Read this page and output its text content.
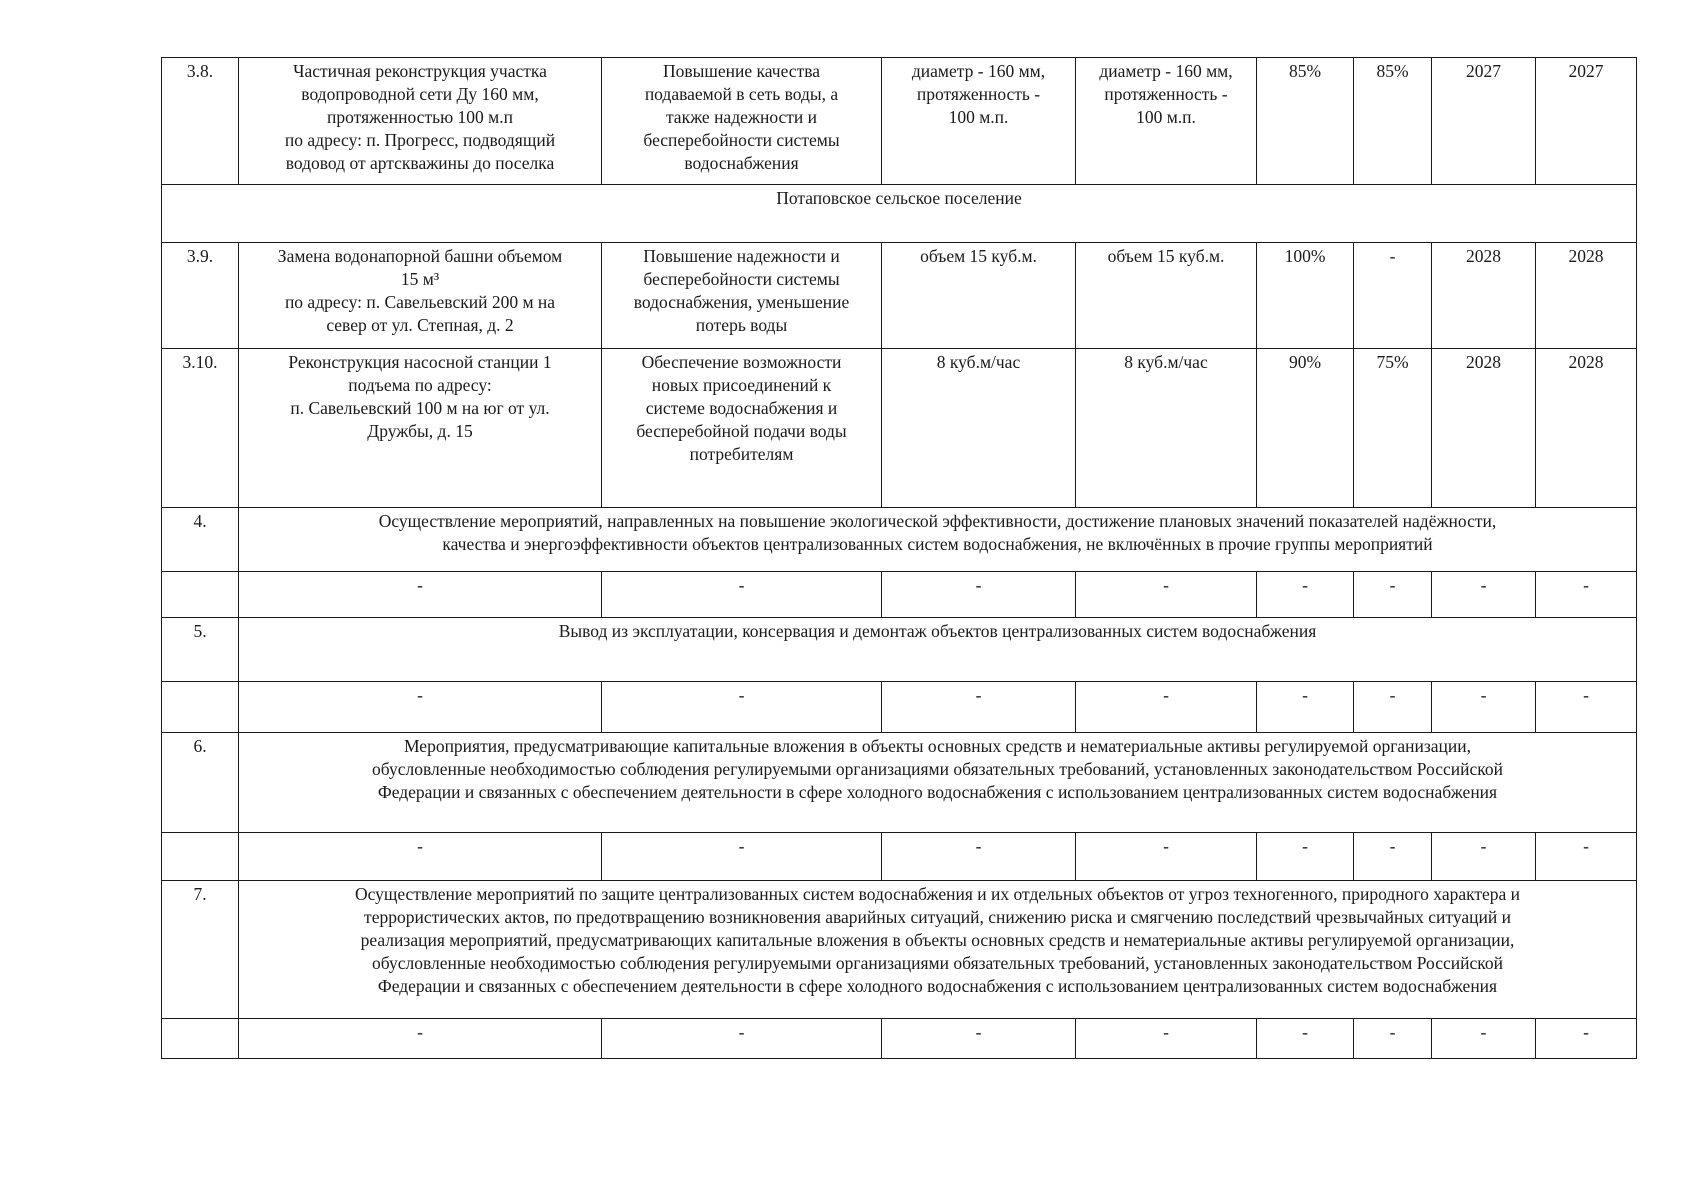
3.8.	Частичная реконструкция участка
водопроводной сети Ду 160 мм,
протяженностью 100 м.п
по адресу: п. Прогресс, подводящий
водовод от артскважины до поселка	Повышение качества
подаваемой в сеть воды, а
также надежности и
бесперебойности системы
водоснабжения	диаметр - 160 мм,
протяженность -
100 м.п.	диаметр - 160 мм,
протяженность -
100 м.п.	85%	85%	2027	2027
Потаповское сельское поселение								
3.9.	Замена водонапорной башни объемом
15 м³
по адресу: п. Савельевский 200 м на
север от ул. Степная, д. 2	Повышение надежности и
бесперебойности системы
водоснабжения, уменьшение
потерь воды	объем 15 куб.м.	объем 15 куб.м.	100%	-	2028	2028
3.10.	Реконструкция насосной станции 1
подъема по адресу:
п. Савельевский 100 м на юг от ул.
Дружбы, д. 15	Обеспечение возможности
новых присоединений к
системе водоснабжения и
бесперебойной подачи воды
потребителям	8 куб.м/час	8 куб.м/час	90%	75%	2028	2028
4.	Осуществление мероприятий, направленных на повышение экологической эффективности, достижение плановых значений показателей надёжности,
качества и энергоэффективности объектов централизованных систем водоснабжения, не включённых в прочие группы мероприятий							

	-	-	-	-	-	-	-	-
5.	Вывод из эксплуатации, консервация и демонтаж объектов централизованных систем водоснабжения							

	-	-	-	-	-	-	-	-
6.	Мероприятия, предусматривающие капитальные вложения в объекты основных средств и нематериальные активы регулируемой организации,
обусловленные необходимостью соблюдения регулируемыми организациями обязательных требований, установленных законодательством Российской
Федерации и связанных с обеспечением деятельности в сфере холодного водоснабжения с использованием централизованных систем водоснабжения							

	-	-	-	-	-	-	-	-
7.	Осуществление мероприятий по защите централизованных систем водоснабжения и их отдельных объектов от угроз техногенного, природного характера и
террористических актов, по предотвращению возникновения аварийных ситуаций, снижению риска и смягчению последствий чрезвычайных ситуаций и
реализация мероприятий, предусматривающих капитальные вложения в объекты основных средств и нематериальные активы регулируемой организации,
обусловленные необходимостью соблюдения регулируемыми организациями обязательных требований, установленных законодательством Российской
Федерации и связанных с обеспечением деятельности в сфере холодного водоснабжения с использованием централизованных систем водоснабжения							

	-	-	-	-	-	-	-	-
